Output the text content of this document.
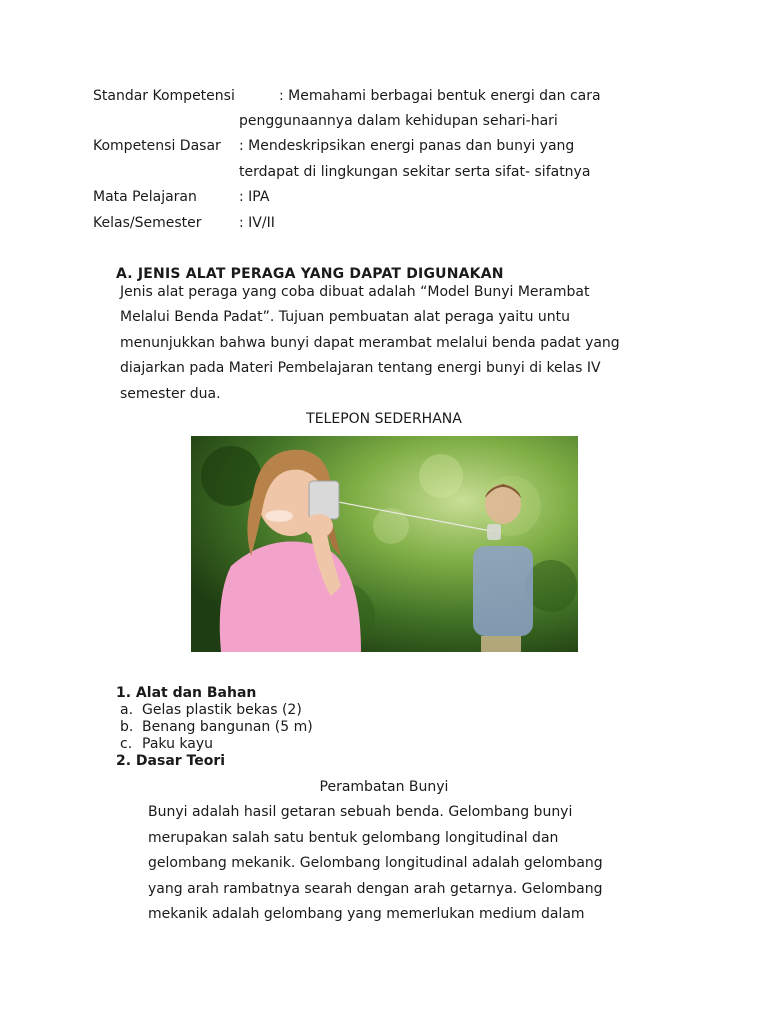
Standar Kompetensi	: Memahami berbagai bentuk energi dan cara
penggunaannya dalam kehidupan sehari-hari
Kompetensi Dasar : Mendeskripsikan energi panas dan bunyi yang
terdapat di lingkungan sekitar serta sifat- sifatnya
Mata Pelajaran	: IPA
Kelas/Semester	: IV/II
A. JENIS ALAT PERAGA YANG DAPAT DIGUNAKAN
Jenis alat peraga yang coba dibuat adalah “Model Bunyi Merambat
Melalui Benda Padat”. Tujuan pembuatan alat peraga yaitu untu
menunjukkan bahwa bunyi dapat merambat melalui benda padat yang
diajarkan pada Materi Pembelajaran tentang energi bunyi di kelas IV
semester dua.
TELEPON SEDERHANA
1. Alat dan Bahan
a. Gelas plastik bekas (2)
b. Benang bangunan (5 m)
c. Paku kayu
2. Dasar Teori
Perambatan Bunyi
Bunyi adalah hasil getaran sebuah benda. Gelombang bunyi
merupakan salah satu bentuk gelombang longitudinal dan
gelombang mekanik. Gelombang longitudinal adalah gelombang
yang arah rambatnya searah dengan arah getarnya. Gelombang
mekanik adalah gelombang yang memerlukan medium dalam
